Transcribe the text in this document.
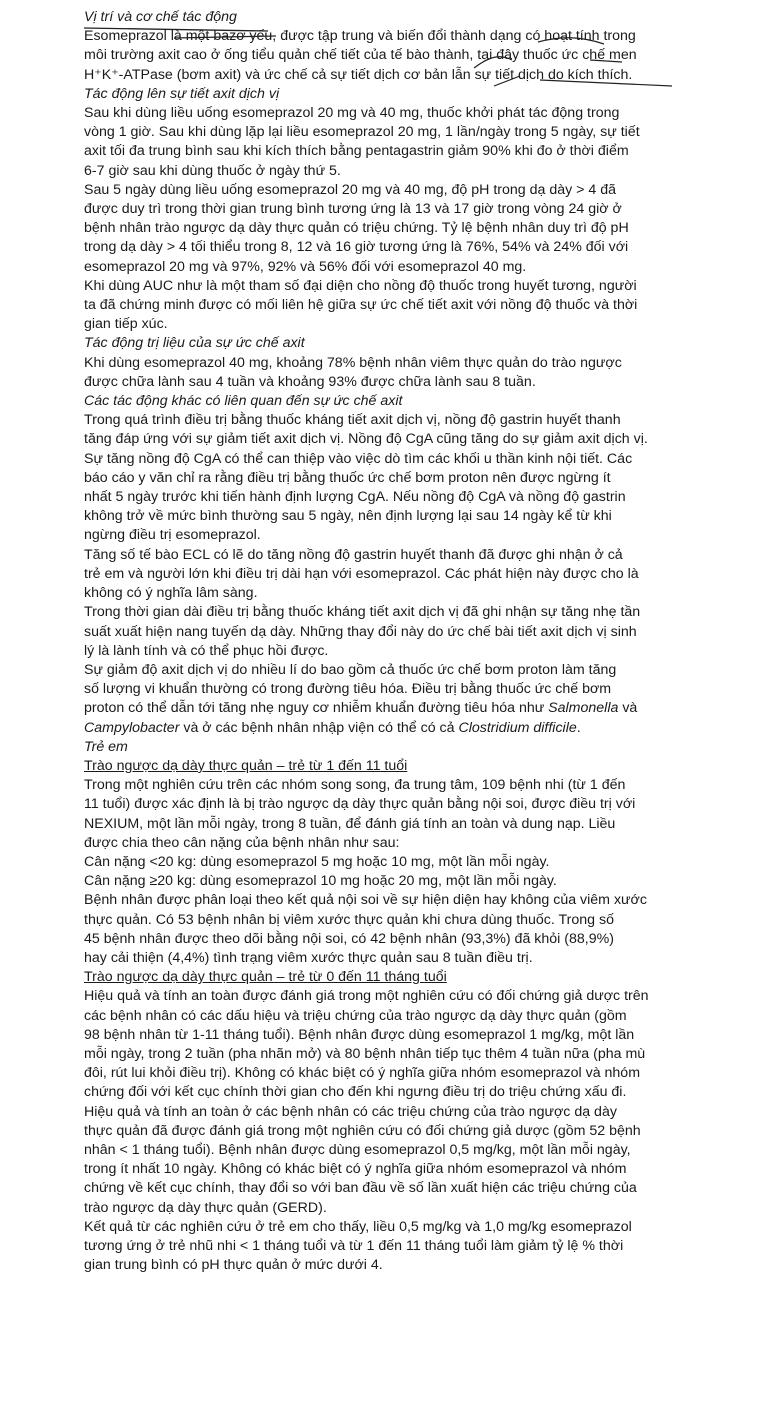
Vị trí và cơ chế tác động
Esomeprazol là một bazơ yếu, được tập trung và biến đổi thành dạng có hoạt tính trong
môi trường axit cao ở ống tiểu quản chế tiết của tế bào thành, tại đây thuốc ức chế men
H⁺K⁺-ATPase (bơm axit) và ức chế cả sự tiết dịch cơ bản lẫn sự tiết dịch do kích thích.
Tác động lên sự tiết axit dịch vị
Sau khi dùng liều uống esomeprazol 20 mg và 40 mg, thuốc khởi phát tác động trong
vòng 1 giờ. Sau khi dùng lặp lại liều esomeprazol 20 mg, 1 lần/ngày trong 5 ngày, sự tiết
axit tối đa trung bình sau khi kích thích bằng pentagastrin giảm 90% khi đo ở thời điểm
6-7 giờ sau khi dùng thuốc ở ngày thứ 5.
Sau 5 ngày dùng liều uống esomeprazol 20 mg và 40 mg, độ pH trong dạ dày > 4 đã
được duy trì trong thời gian trung bình tương ứng là 13 và 17 giờ trong vòng 24 giờ ở
bệnh nhân trào ngược dạ dày thực quản có triệu chứng. Tỷ lệ bệnh nhân duy trì độ pH
trong dạ dày > 4 tối thiểu trong 8, 12 và 16 giờ tương ứng là 76%, 54% và 24% đối với
esomeprazol 20 mg và 97%, 92% và 56% đối với esomeprazol 40 mg.
Khi dùng AUC như là một tham số đại diện cho nồng độ thuốc trong huyết tương, người
ta đã chứng minh được có mối liên hệ giữa sự ức chế tiết axit với nồng độ thuốc và thời
gian tiếp xúc.
Tác động trị liệu của sự ức chế axit
Khi dùng esomeprazol 40 mg, khoảng 78% bệnh nhân viêm thực quản do trào ngược
được chữa lành sau 4 tuần và khoảng 93% được chữa lành sau 8 tuần.
Các tác động khác có liên quan đến sự ức chế axit
Trong quá trình điều trị bằng thuốc kháng tiết axit dịch vị, nồng độ gastrin huyết thanh
tăng đáp ứng với sự giảm tiết axit dịch vị. Nồng độ CgA cũng tăng do sự giảm axit dịch vị.
Sự tăng nồng độ CgA có thể can thiệp vào việc dò tìm các khối u thần kinh nội tiết. Các
báo cáo y văn chỉ ra rằng điều trị bằng thuốc ức chế bơm proton nên được ngừng ít
nhất 5 ngày trước khi tiến hành định lượng CgA. Nếu nồng độ CgA và nồng độ gastrin
không trở về mức bình thường sau 5 ngày, nên định lượng lại sau 14 ngày kể từ khi
ngừng điều trị esomeprazol.
Tăng số tế bào ECL có lẽ do tăng nồng độ gastrin huyết thanh đã được ghi nhận ở cả
trẻ em và người lớn khi điều trị dài hạn với esomeprazol. Các phát hiện này được cho là
không có ý nghĩa lâm sàng.
Trong thời gian dài điều trị bằng thuốc kháng tiết axit dịch vị đã ghi nhận sự tăng nhẹ tần
suất xuất hiện nang tuyến dạ dày. Những thay đổi này do ức chế bài tiết axit dịch vị sinh
lý là lành tính và có thể phục hồi được.
Sự giảm độ axit dịch vị do nhiều lí do bao gồm cả thuốc ức chế bơm proton làm tăng
số lượng vi khuẩn thường có trong đường tiêu hóa. Điều trị bằng thuốc ức chế bơm
proton có thể dẫn tới tăng nhẹ nguy cơ nhiễm khuẩn đường tiêu hóa như Salmonella và
Campylobacter và ở các bệnh nhân nhập viện có thể có cả Clostridium difficile.
Trẻ em
Trào ngược dạ dày thực quản – trẻ từ 1 đến 11 tuổi
Trong một nghiên cứu trên các nhóm song song, đa trung tâm, 109 bệnh nhi (từ 1 đến
11 tuổi) được xác định là bị trào ngược dạ dày thực quản bằng nội soi, được điều trị với
NEXIUM, một lần mỗi ngày, trong 8 tuần, để đánh giá tính an toàn và dung nạp. Liều
được chia theo cân nặng của bệnh nhân như sau:
Cân nặng <20 kg: dùng esomeprazol 5 mg hoặc 10 mg, một lần mỗi ngày.
Cân nặng ≥20 kg: dùng esomeprazol 10 mg hoặc 20 mg, một lần mỗi ngày.
Bệnh nhân được phân loại theo kết quả nội soi về sự hiện diện hay không của viêm xước
thực quản. Có 53 bệnh nhân bị viêm xước thực quản khi chưa dùng thuốc. Trong số
45 bệnh nhân được theo dõi bằng nội soi, có 42 bệnh nhân (93,3%) đã khỏi (88,9%)
hay cải thiện (4,4%) tình trạng viêm xước thực quản sau 8 tuần điều trị.
Trào ngược dạ dày thực quản – trẻ từ 0 đến 11 tháng tuổi
Hiệu quả và tính an toàn được đánh giá trong một nghiên cứu có đối chứng giả dược trên
các bệnh nhân có các dấu hiệu và triệu chứng của trào ngược dạ dày thực quản (gồm
98 bệnh nhân từ 1-11 tháng tuổi). Bệnh nhân được dùng esomeprazol 1 mg/kg, một lần
mỗi ngày, trong 2 tuần (pha nhãn mở) và 80 bệnh nhân tiếp tục thêm 4 tuần nữa (pha mù
đôi, rút lui khỏi điều trị). Không có khác biệt có ý nghĩa giữa nhóm esomeprazol và nhóm
chứng đối với kết cục chính thời gian cho đến khi ngưng điều trị do triệu chứng xấu đi.
Hiệu quả và tính an toàn ở các bệnh nhân có các triệu chứng của trào ngược dạ dày
thực quản đã được đánh giá trong một nghiên cứu có đối chứng giả dược (gồm 52 bệnh
nhân < 1 tháng tuổi). Bệnh nhân được dùng esomeprazol 0,5 mg/kg, một lần mỗi ngày,
trong ít nhất 10 ngày. Không có khác biệt có ý nghĩa giữa nhóm esomeprazol và nhóm
chứng về kết cục chính, thay đổi so với ban đầu về số lần xuất hiện các triệu chứng của
trào ngược dạ dày thực quản (GERD).
Kết quả từ các nghiên cứu ở trẻ em cho thấy, liều 0,5 mg/kg và 1,0 mg/kg esomeprazol
tương ứng ở trẻ nhũ nhi < 1 tháng tuổi và từ 1 đến 11 tháng tuổi làm giảm tỷ lệ % thời
gian trung bình có pH thực quản ở mức dưới 4.
